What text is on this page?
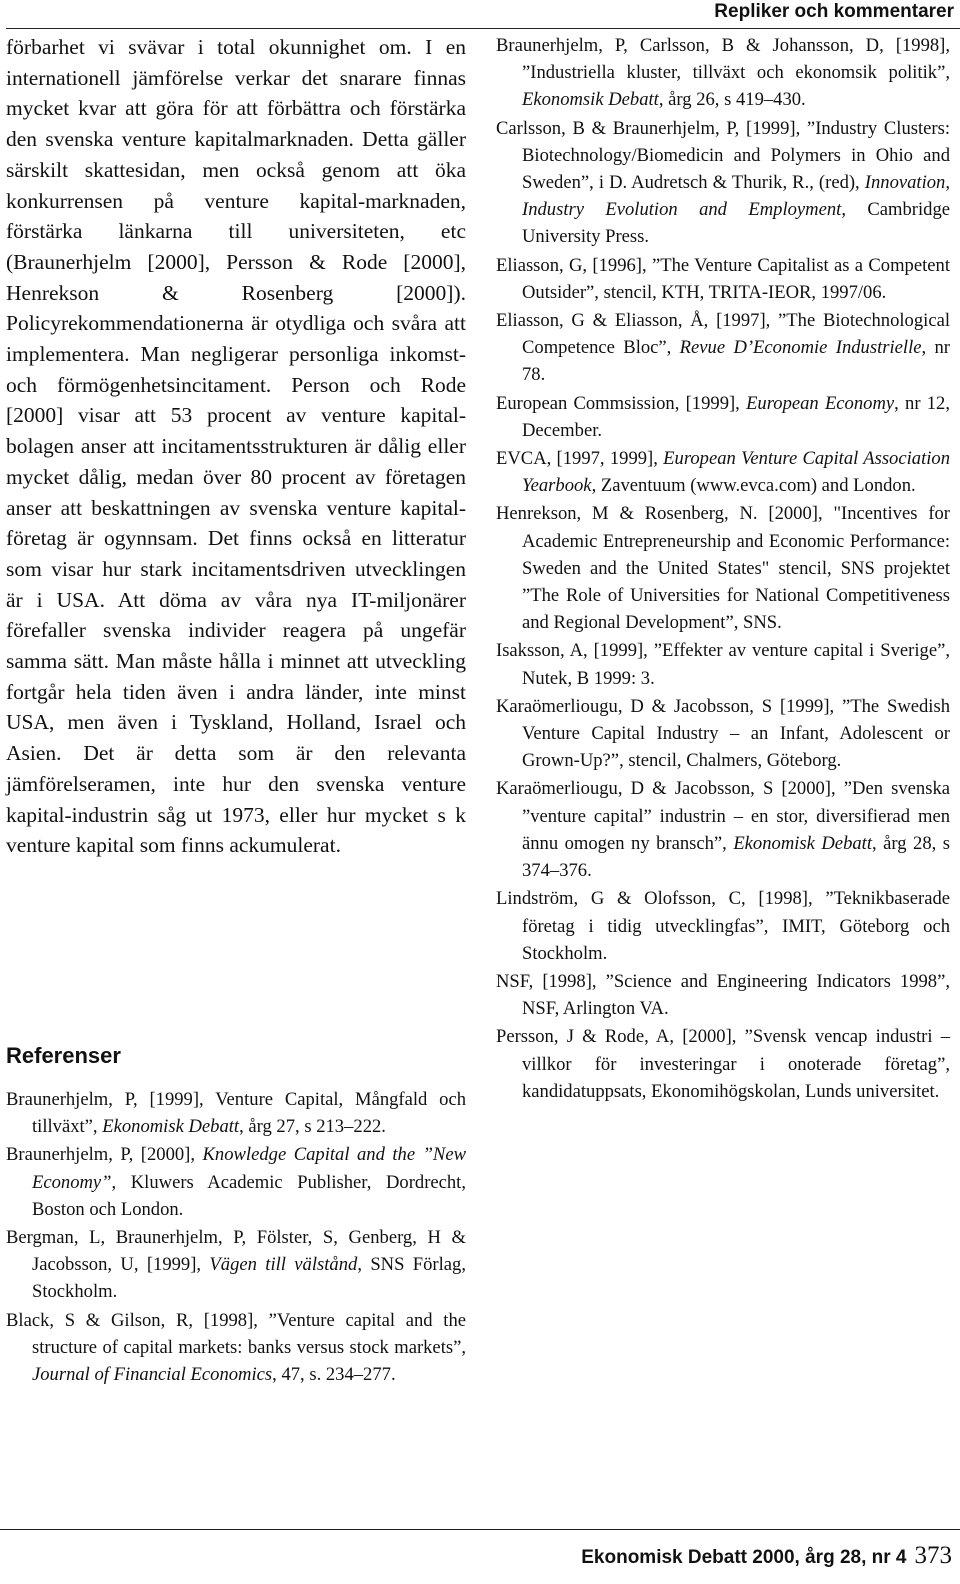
Repliker och kommentarer

förbarhet vi svävar i total okunnighet om. I en internationell jämförelse verkar det snarare finnas mycket kvar att göra för att förbättra och förstärka den svenska venture kapitalmarknaden. Detta gäller särskilt skattesidan, men också genom att öka konkurrensen på venture kapital-marknaden, förstärka länkarna till universiteten, etc (Braunerhjelm [2000], Persson & Rode [2000], Henrekson & Rosenberg [2000]). Policyrekommendationerna är otydliga och svåra att implementera. Man negligerar personliga inkomst- och förmögenhetsincitament. Person och Rode [2000] visar att 53 procent av venture kapital-bolagen anser att incitamentsstrukturen är dålig eller mycket dålig, medan över 80 procent av företagen anser att beskattningen av svenska venture kapital-företag är ogynnsam. Det finns också en litteratur som visar hur stark incitamentsdriven utvecklingen är i USA. Att döma av våra nya IT-miljonärer förefaller svenska individer reagera på ungefär samma sätt. Man måste hålla i minnet att utveckling fortgår hela tiden även i andra länder, inte minst USA, men även i Tyskland, Holland, Israel och Asien. Det är detta som är den relevanta jämförelseramen, inte hur den svenska venture kapital-industrin såg ut 1973, eller hur mycket s k venture kapital som finns ackumulerat.

Referenser
Braunerhjelm, P, [1999], Venture Capital, Mångfald och tillväxt”, Ekonomisk Debatt, årg 27, s 213–222.
Braunerhjelm, P, [2000], Knowledge Capital and the ”New Economy”, Kluwers Academic Publisher, Dordrecht, Boston och London.
Bergman, L, Braunerhjelm, P, Fölster, S, Genberg, H & Jacobsson, U, [1999], Vägen till välstånd, SNS Förlag, Stockholm.
Black, S & Gilson, R, [1998], ”Venture capital and the structure of capital markets: banks versus stock markets”, Journal of Financial Economics, 47, s. 234–277.
Braunerhjelm, P, Carlsson, B & Johansson, D, [1998], ”Industriella kluster, tillväxt och ekonomsik politik”, Ekonomsik Debatt, årg 26, s 419–430.
Carlsson, B & Braunerhjelm, P, [1999], ”Industry Clusters: Biotechnology/Biomedicin and Polymers in Ohio and Sweden”, i D. Audretsch & Thurik, R., (red), Innovation, Industry Evolution and Employment, Cambridge University Press.
Eliasson, G, [1996], ”The Venture Capitalist as a Competent Outsider”, stencil, KTH, TRITA-IEOR, 1997/06.
Eliasson, G & Eliasson, Å, [1997], ”The Biotechnological Competence Bloc”, Revue D’Economie Industrielle, nr 78.
European Commsission, [1999], European Economy, nr 12, December.
EVCA, [1997, 1999], European Venture Capital Association Yearbook, Zaventuum (www.evca.com) and London.
Henrekson, M & Rosenberg, N. [2000], "Incentives for Academic Entrepreneurship and Economic Performance: Sweden and the United States" stencil, SNS projektet ”The Role of Universities for National Competitiveness and Regional Development”, SNS.
Isaksson, A, [1999], ”Effekter av venture capital i Sverige”, Nutek, B 1999: 3.
Karaömerliougu, D & Jacobsson, S [1999], ”The Swedish Venture Capital Industry – an Infant, Adolescent or Grown-Up?”, stencil, Chalmers, Göteborg.
Karaömerliougu, D & Jacobsson, S [2000], ”Den svenska ”venture capital” industrin – en stor, diversifierad men ännu omogen ny bransch”, Ekonomisk Debatt, årg 28, s 374–376.
Lindström, G & Olofsson, C, [1998], ”Teknikbaserade företag i tidig utvecklingfas”, IMIT, Göteborg och Stockholm.
NSF, [1998], ”Science and Engineering Indicators 1998”, NSF, Arlington VA.
Persson, J & Rode, A, [2000], ”Svensk vencap industri – villkor för investeringar i onoterade företag”, kandidatuppsats, Ekonomihögskolan, Lunds universitet.
Ekonomisk Debatt 2000, årg 28, nr 4 373
